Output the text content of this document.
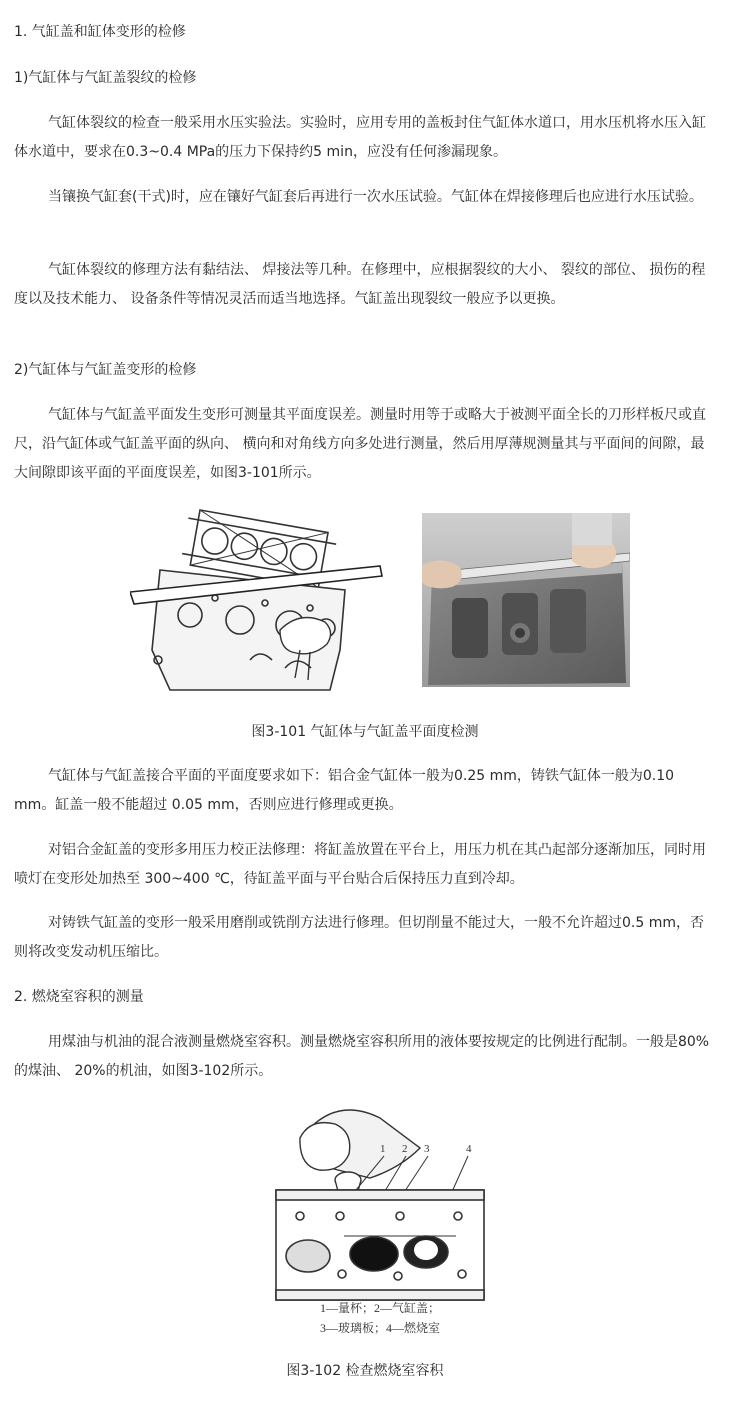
1. 气缸盖和缸体变形的检修

1)气缸体与气缸盖裂纹的检修

气缸体裂纹的检查一般采用水压实验法。实验时，应用专用的盖板封住气缸体水道口，用水压机将水压入缸体水道中，要求在0.3~0.4 MPa的压力下保持约5 min，应没有任何渗漏现象。

当镶换气缸套(干式)时，应在镶好气缸套后再进行一次水压试验。气缸体在焊接修理后也应进行水压试验。

气缸体裂纹的修理方法有黏结法、 焊接法等几种。在修理中，应根据裂纹的大小、 裂纹的部位、 损伤的程度以及技术能力、 设备条件等情况灵活而适当地选择。气缸盖出现裂纹一般应予以更换。

2)气缸体与气缸盖变形的检修

气缸体与气缸盖平面发生变形可测量其平面度误差。测量时用等于或略大于被测平面全长的刀形样板尺或直尺，沿气缸体或气缸盖平面的纵向、 横向和对角线方向多处进行测量，然后用厚薄规测量其与平面间的间隙，最大间隙即该平面的平面度误差，如图3-101所示。

图3-101 气缸体与气缸盖平面度检测

气缸体与气缸盖接合平面的平面度要求如下：铝合金气缸体一般为0.25 mm，铸铁气缸体一般为0.10 mm。缸盖一般不能超过 0.05 mm，否则应进行修理或更换。

对铝合金缸盖的变形多用压力校正法修理：将缸盖放置在平台上，用压力机在其凸起部分逐渐加压，同时用喷灯在变形处加热至 300~400 ℃，待缸盖平面与平台贴合后保持压力直到冷却。

对铸铁气缸盖的变形一般采用磨削或铣削方法进行修理。但切削量不能过大，一般不允许超过0.5 mm，否则将改变发动机压缩比。

2. 燃烧室容积的测量

用煤油与机油的混合液测量燃烧室容积。测量燃烧室容积所用的液体要按规定的比例进行配制。一般是80%的煤油、 20%的机油，如图3-102所示。

1 2 3	4
1—量杯；2—气缸盖；
3—玻璃板；4—燃烧室

图3-102 检查燃烧室容积
